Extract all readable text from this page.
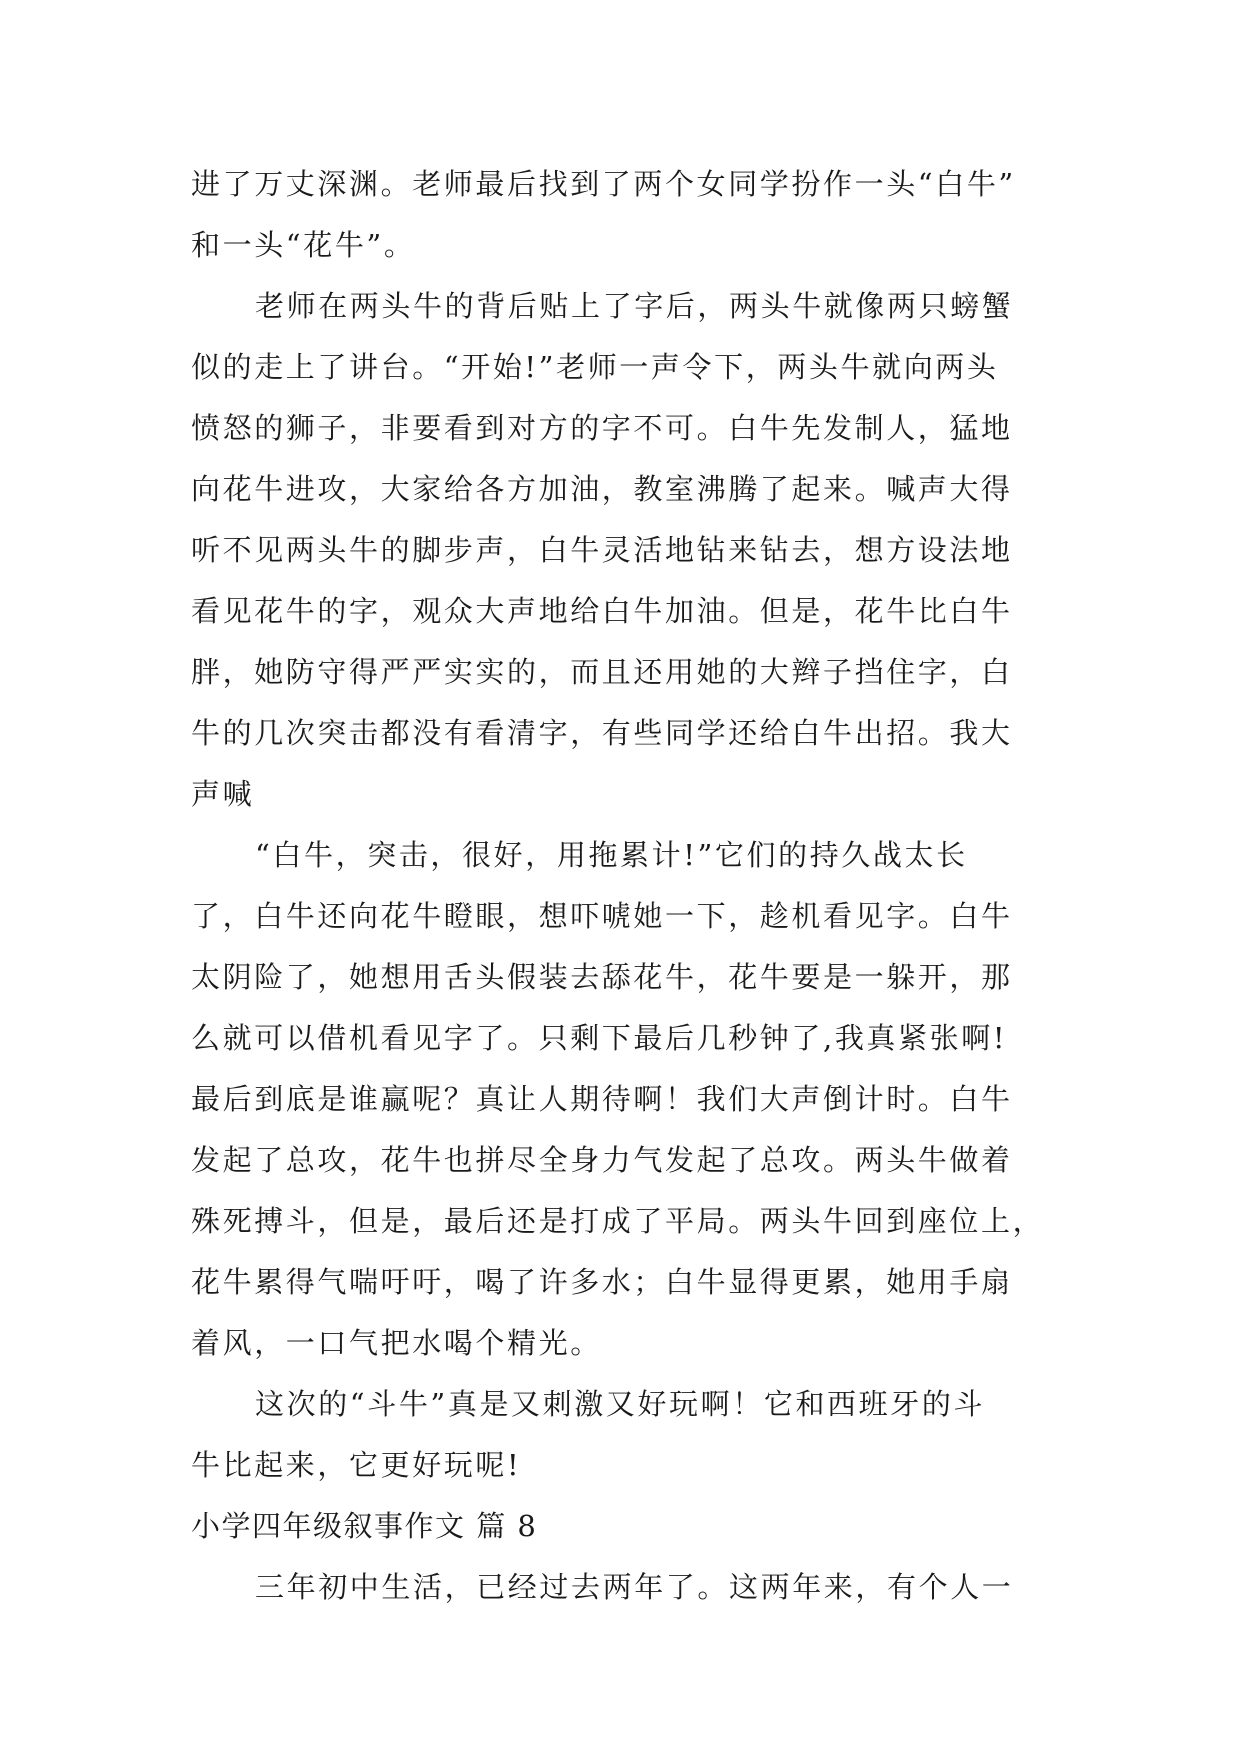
进了万丈深渊。老师最后找到了两个女同学扮作一头“白牛”
和一头“花牛”。
老师在两头牛的背后贴上了字后，两头牛就像两只螃蟹
似的走上了讲台。“开始!”老师一声令下，两头牛就向两头
愤怒的狮子，非要看到对方的字不可。白牛先发制人，猛地
向花牛进攻，大家给各方加油，教室沸腾了起来。喊声大得
听不见两头牛的脚步声，白牛灵活地钻来钻去，想方设法地
看见花牛的字，观众大声地给白牛加油。但是，花牛比白牛
胖，她防守得严严实实的，而且还用她的大辫子挡住字，白
牛的几次突击都没有看清字，有些同学还给白牛出招。我大
声喊
“白牛，突击，很好，用拖累计!”它们的持久战太长
了，白牛还向花牛瞪眼，想吓唬她一下，趁机看见字。白牛
太阴险了，她想用舌头假装去舔花牛，花牛要是一躲开，那
么就可以借机看见字了。只剩下最后几秒钟了,我真紧张啊!
最后到底是谁赢呢？真让人期待啊！我们大声倒计时。白牛
发起了总攻，花牛也拼尽全身力气发起了总攻。两头牛做着
殊死搏斗，但是，最后还是打成了平局。两头牛回到座位上，
花牛累得气喘吁吁，喝了许多水；白牛显得更累，她用手扇
着风，一口气把水喝个精光。
这次的“斗牛”真是又刺激又好玩啊！它和西班牙的斗
牛比起来，它更好玩呢!
小学四年级叙事作文 篇 8
三年初中生活，已经过去两年了。这两年来，有个人一
